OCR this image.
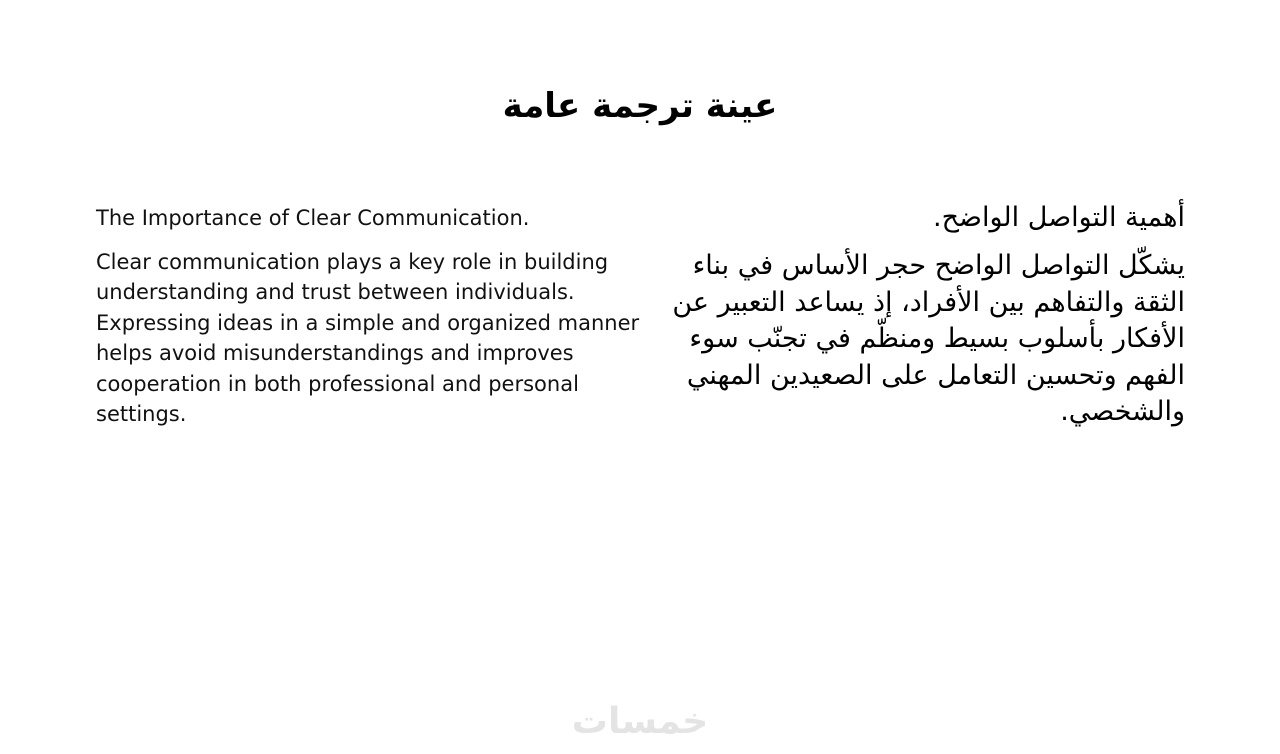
عينة ترجمة عامة

The Importance of Clear Communication.

Clear communication plays a key role in building understanding and trust between individuals. Expressing ideas in a simple and organized manner helps avoid misunderstandings and improves cooperation in both professional and personal settings.

أهمية التواصل الواضح.

يشكّل التواصل الواضح حجر الأساس في بناء الثقة والتفاهم بين الأفراد، إذ يساعد التعبير عن الأفكار بأسلوب بسيط ومنظّم في تجنّب سوء الفهم وتحسين التعامل على الصعيدين المهني والشخصي.

خمسات
